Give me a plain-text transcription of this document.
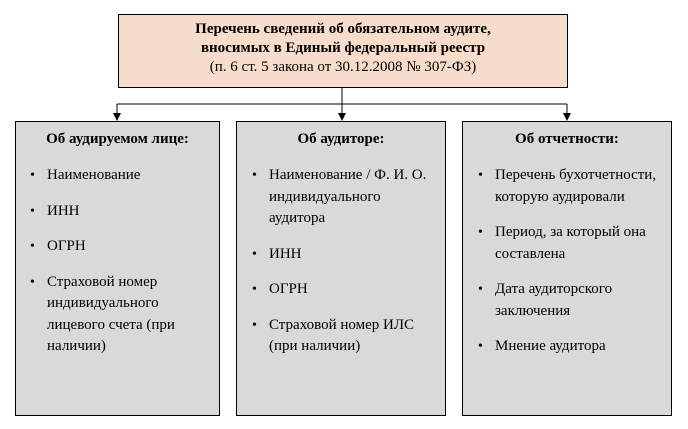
Перечень сведений об обязательном аудите,
вносимых в Единый федеральный реестр
(п. 6 ст. 5 закона от 30.12.2008 № 307-ФЗ)
Об аудируемом лице:
• Наименование
• ИНН
• ОГРН
• Страховой номер индивидуального лицевого счета (при наличии)
Об аудиторе:
• Наименование / Ф. И. О. индивидуального аудитора
• ИНН
• ОГРН
• Страховой номер ИЛС (при наличии)
Об отчетности:
• Перечень бухотчетности, которую аудировали
• Период, за который она составлена
• Дата аудиторского заключения
• Мнение аудитора
